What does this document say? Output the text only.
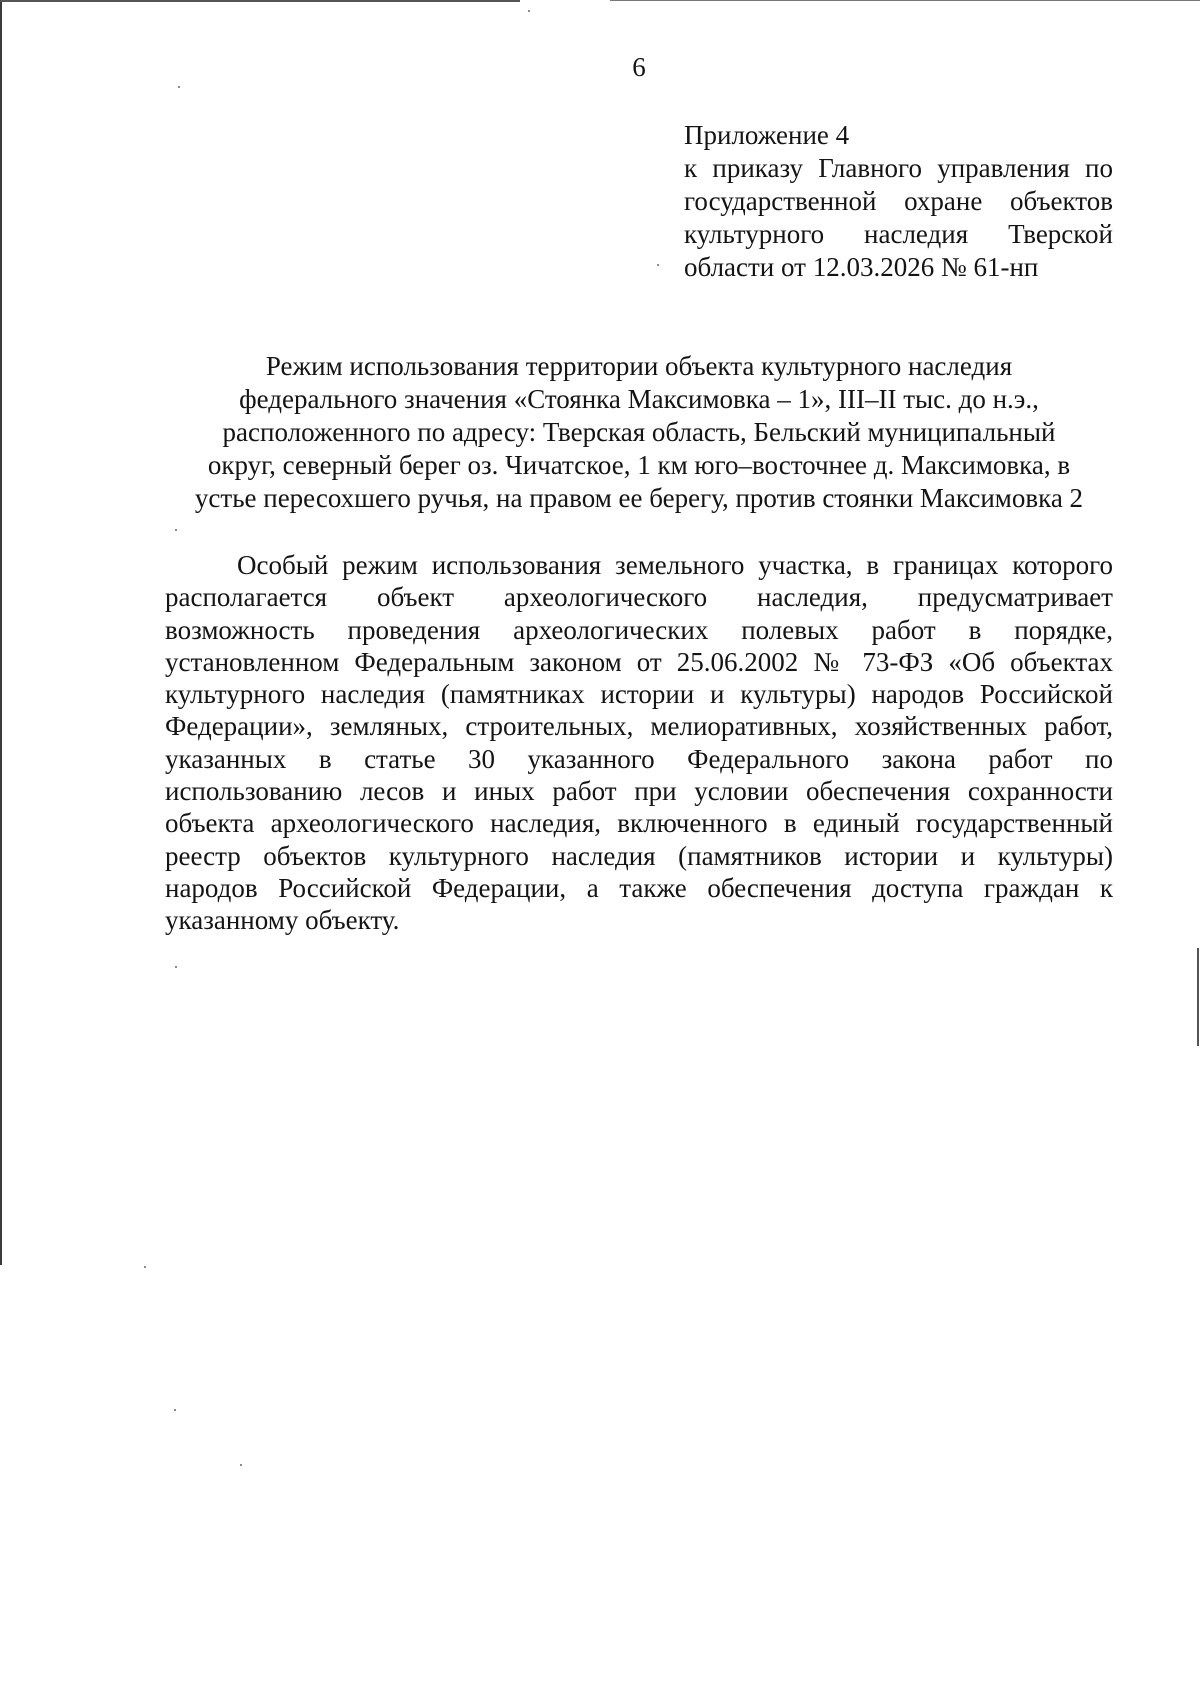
6
Приложение 4
к приказу Главного управления по
государственной охране объектов
культурного наследия Тверской
области от 12.03.2026 № 61-нп
Режим использования территории объекта культурного наследия
федерального значения «Стоянка Максимовка – 1», III–II тыс. до н.э.,
расположенного по адресу: Тверская область, Бельский муниципальный
округ, северный берег оз. Чичатское, 1 км юго–восточнее д. Максимовка, в
устье пересохшего ручья, на правом ее берегу, против стоянки Максимовка 2
Особый режим использования земельного участка, в границах которого
располагается объект археологического наследия, предусматривает
возможность проведения археологических полевых работ в порядке,
установленном Федеральным законом от 25.06.2002 № 73-ФЗ «Об объектах
культурного наследия (памятниках истории и культуры) народов Российской
Федерации», земляных, строительных, мелиоративных, хозяйственных работ,
указанных в статье 30 указанного Федерального закона работ по
использованию лесов и иных работ при условии обеспечения сохранности
объекта археологического наследия, включенного в единый государственный
реестр объектов культурного наследия (памятников истории и культуры)
народов Российской Федерации, а также обеспечения доступа граждан к
указанному объекту.
